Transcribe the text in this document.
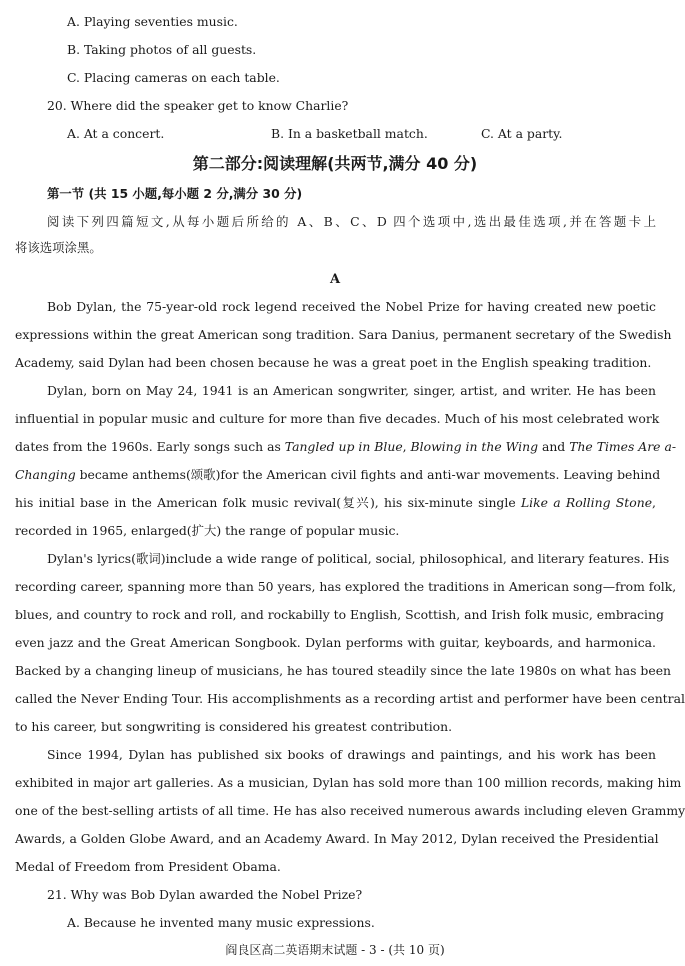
A. Playing seventies music.
B. Taking photos of all guests.
C. Placing cameras on each table.
20. Where did the speaker get to know Charlie?
A. At a concert.	B. In a basketball match.	C. At a party.
第二部分:阅读理解(共两节,满分 40 分)
第一节 (共 15 小题,每小题 2 分,满分 30 分)
阅读下列四篇短文,从每小题后所给的 A、B、C、D 四个选项中,选出最佳选项,并在答题卡上
将该选项涂黑。
A
Bob Dylan, the 75-year-old rock legend received the Nobel Prize for having created new poetic
expressions within the great American song tradition. Sara Danius, permanent secretary of the Swedish
Academy, said Dylan had been chosen because he was a great poet in the English speaking tradition.
Dylan, born on May 24, 1941 is an American songwriter, singer, artist, and writer. He has been
influential in popular music and culture for more than five decades. Much of his most celebrated work
dates from the 1960s. Early songs such as Tangled up in Blue, Blowing in the Wing and The Times Are a-
Changing became anthems(颂歌)for the American civil fights and anti-war movements. Leaving behind
his initial base in the American folk music revival(复兴), his six-minute single Like a Rolling Stone,
recorded in 1965, enlarged(扩大) the range of popular music.
Dylan's lyrics(歌词)include a wide range of political, social, philosophical, and literary features. His
recording career, spanning more than 50 years, has explored the traditions in American song—from folk,
blues, and country to rock and roll, and rockabilly to English, Scottish, and Irish folk music, embracing
even jazz and the Great American Songbook. Dylan performs with guitar, keyboards, and harmonica.
Backed by a changing lineup of musicians, he has toured steadily since the late 1980s on what has been
called the Never Ending Tour. His accomplishments as a recording artist and performer have been central
to his career, but songwriting is considered his greatest contribution.
Since 1994, Dylan has published six books of drawings and paintings, and his work has been
exhibited in major art galleries. As a musician, Dylan has sold more than 100 million records, making him
one of the best-selling artists of all time. He has also received numerous awards including eleven Grammy
Awards, a Golden Globe Award, and an Academy Award. In May 2012, Dylan received the Presidential
Medal of Freedom from President Obama.
21. Why was Bob Dylan awarded the Nobel Prize?
A. Because he invented many music expressions.
阎良区高二英语期末试题 - 3 - (共 10 页)
